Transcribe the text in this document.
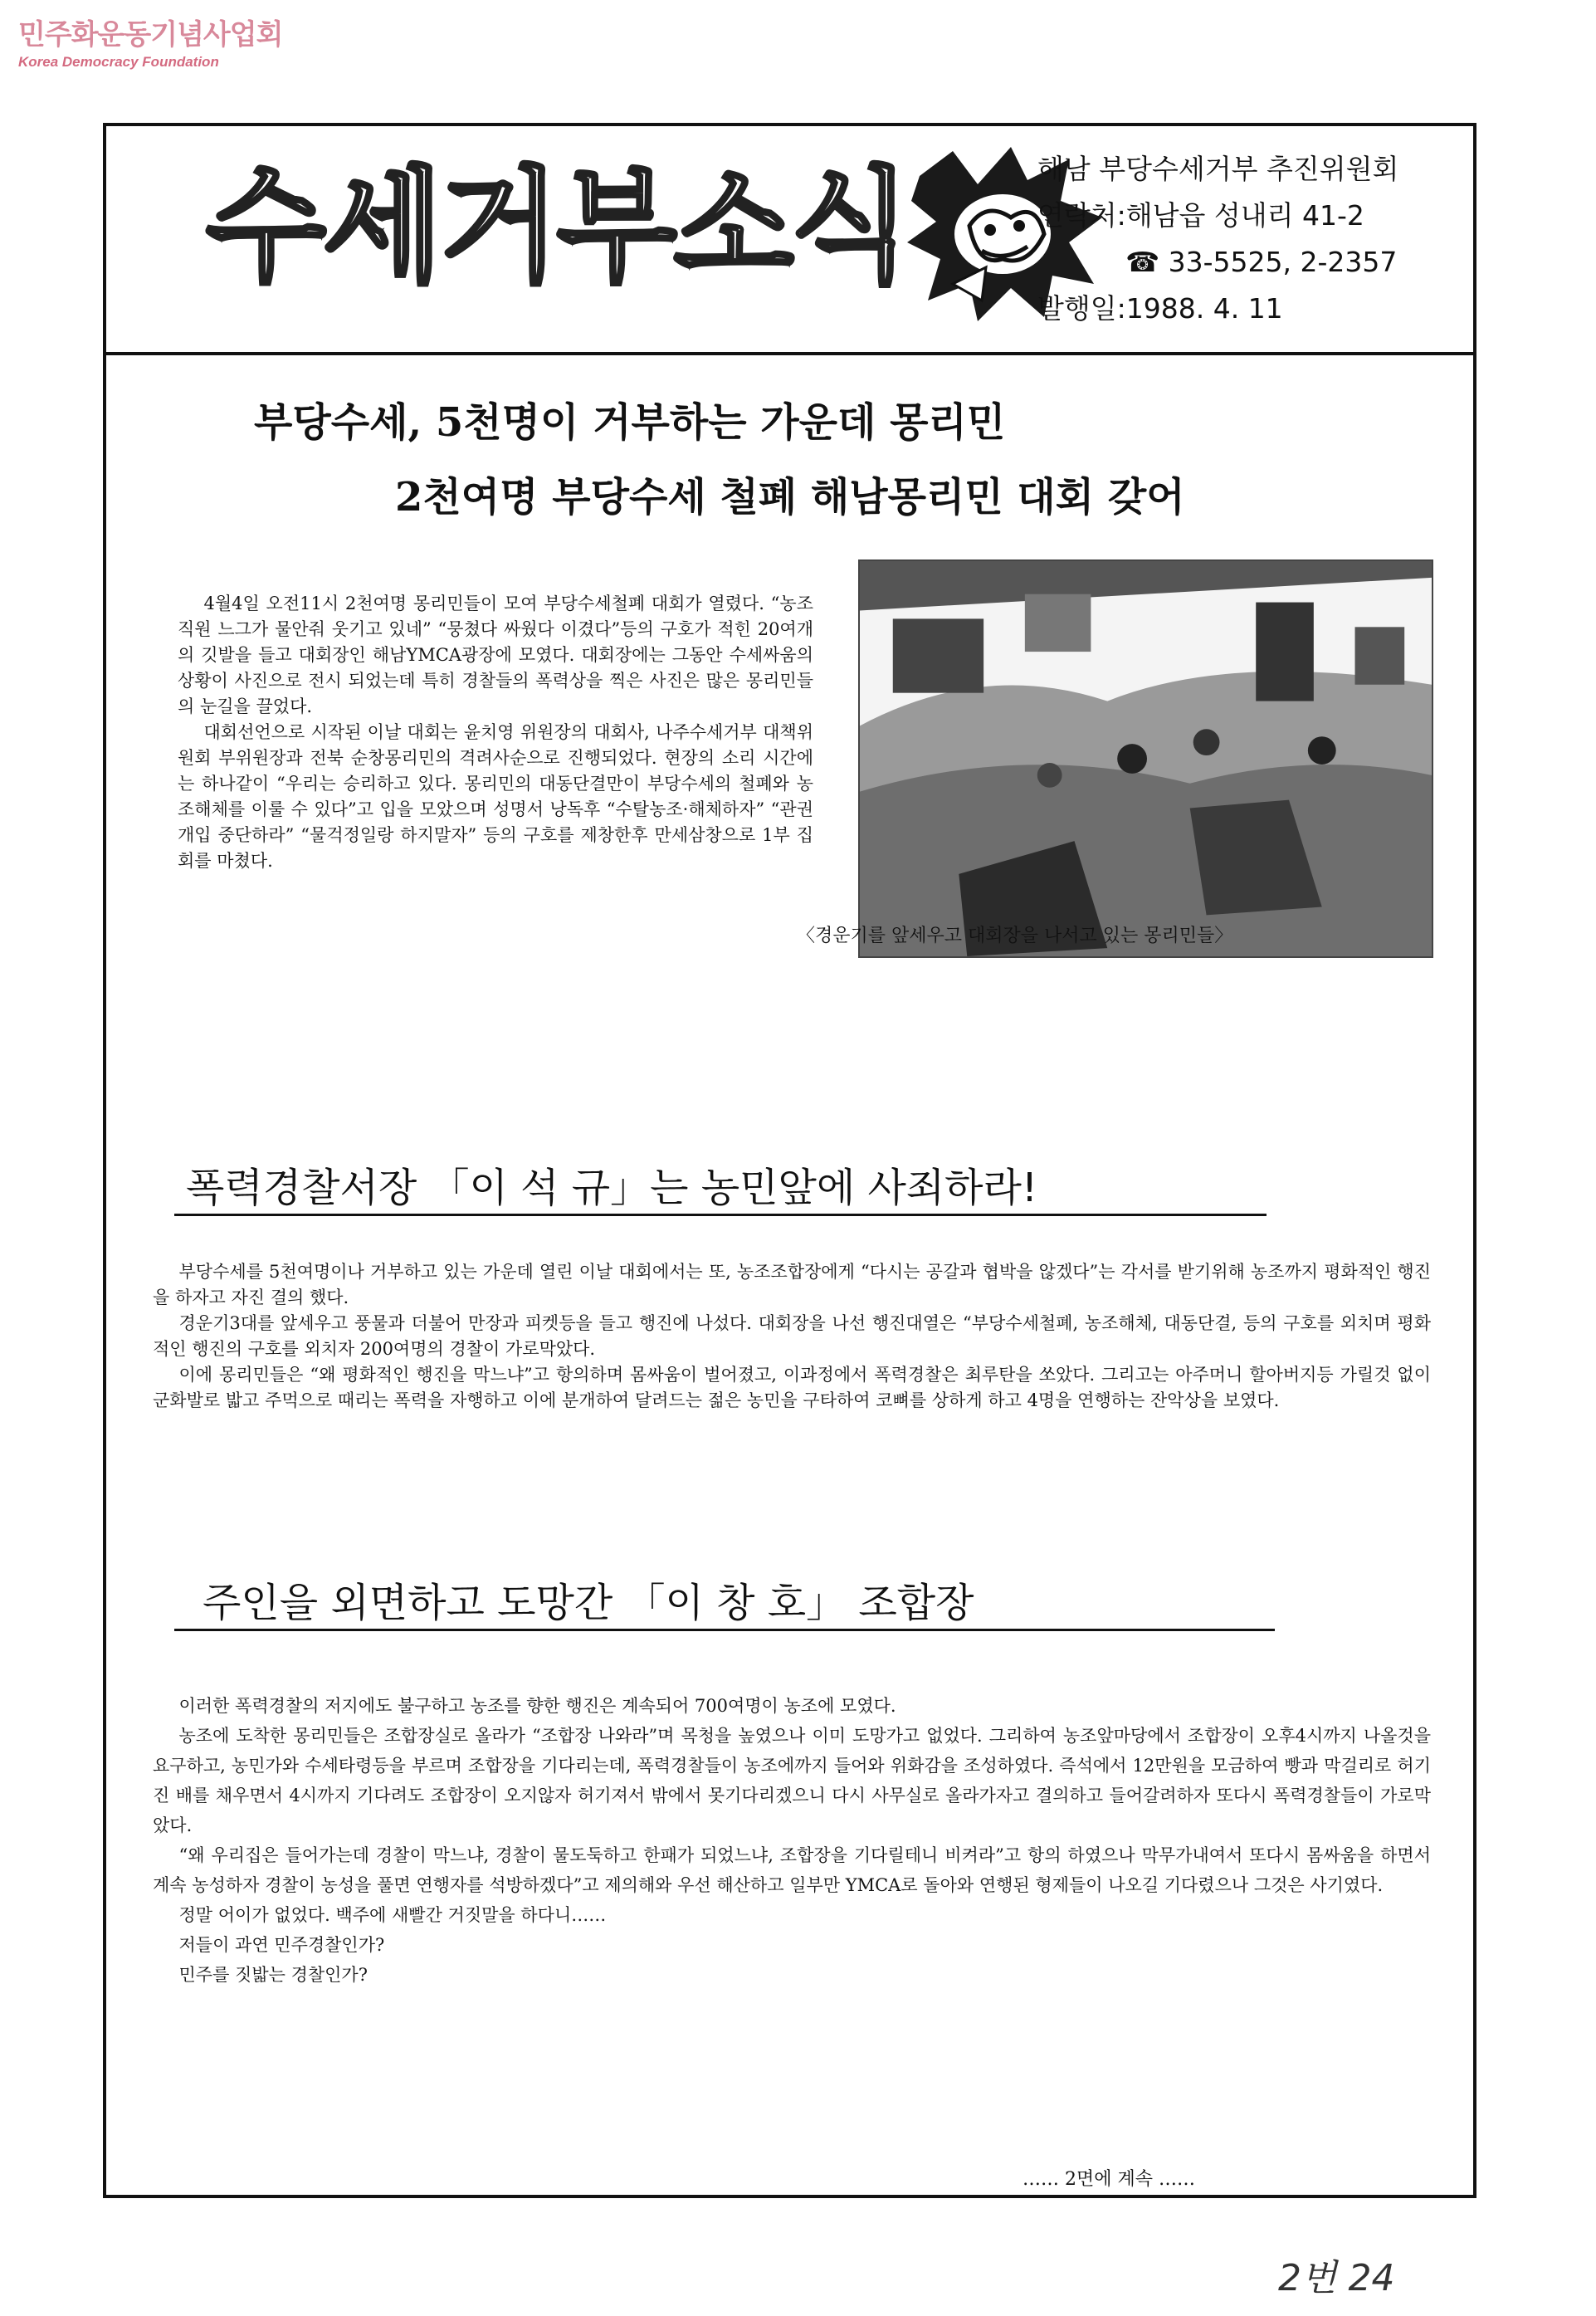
민주화운동기념사업회
Korea Democracy Foundation
수세거부소식	해남 부당수세거부 추진위원회
연락처:해남읍 성내리 41-2
☎ 33-5525, 2-2357
발행일:1988. 4. 11
부당수세, 5천명이 거부하는 가운데 몽리민
2천여명 부당수세 철폐 해남몽리민 대회 갖어

4월4일 오전11시 2천여명 몽리민들이 모여 부당수세철폐 대회가 열렸다. “농조직원 느그가 물안줘 웃기고 있네” “뭉쳤다 싸웠다 이겼다”등의 구호가 적힌 20여개의 깃발을 들고 대회장인 해남YMCA광장에 모였다. 대회장에는 그동안 수세싸움의 상황이 사진으로 전시 되었는데 특히 경찰들의 폭력상을 찍은 사진은 많은 몽리민들의 눈길을 끌었다.

대회선언으로 시작된 이날 대회는 윤치영 위원장의 대회사, 나주수세거부 대책위원회 부위원장과 전북 순창몽리민의 격려사순으로 진행되었다. 현장의 소리 시간에는 하나같이 “우리는 승리하고 있다. 몽리민의 대동단결만이 부당수세의 철폐와 농조해체를 이룰 수 있다”고 입을 모았으며 성명서 낭독후 “수탈농조·해체하자” “관권개입 중단하라” “물걱정일랑 하지말자” 등의 구호를 제창한후 만세삼창으로 1부 집회를 마쳤다.

〈경운기를 앞세우고 대회장을 나서고 있는 몽리민들〉
폭력경찰서장 「이 석 규」는 농민앞에 사죄하라!

부당수세를 5천여명이나 거부하고 있는 가운데 열린 이날 대회에서는 또, 농조조합장에게 “다시는 공갈과 협박을 않겠다”는 각서를 받기위해 농조까지 평화적인 행진을 하자고 자진 결의 했다.

경운기3대를 앞세우고 풍물과 더불어 만장과 피켓등을 들고 행진에 나섰다. 대회장을 나선 행진대열은 “부당수세철폐, 농조해체, 대동단결, 등의 구호를 외치며 평화적인 행진의 구호를 외치자 200여명의 경찰이 가로막았다.

이에 몽리민들은 “왜 평화적인 행진을 막느냐”고 항의하며 몸싸움이 벌어졌고, 이과정에서 폭력경찰은 최루탄을 쏘았다. 그리고는 아주머니 할아버지등 가릴것 없이 군화발로 밟고 주먹으로 때리는 폭력을 자행하고 이에 분개하여 달려드는 젊은 농민을 구타하여 코뼈를 상하게 하고 4명을 연행하는 잔악상을 보였다.

주인을 외면하고 도망간 「이 창 호」 조합장

이러한 폭력경찰의 저지에도 불구하고 농조를 향한 행진은 계속되어 700여명이 농조에 모였다.

농조에 도착한 몽리민들은 조합장실로 올라가 “조합장 나와라”며 목청을 높였으나 이미 도망가고 없었다. 그리하여 농조앞마당에서 조합장이 오후4시까지 나올것을 요구하고, 농민가와 수세타령등을 부르며 조합장을 기다리는데, 폭력경찰들이 농조에까지 들어와 위화감을 조성하였다. 즉석에서 12만원을 모금하여 빵과 막걸리로 허기진 배를 채우면서 4시까지 기다려도 조합장이 오지않자 허기져서 밖에서 못기다리겠으니 다시 사무실로 올라가자고 결의하고 들어갈려하자 또다시 폭력경찰들이 가로막았다.

“왜 우리집은 들어가는데 경찰이 막느냐, 경찰이 물도둑하고 한패가 되었느냐, 조합장을 기다릴테니 비켜라”고 항의 하였으나 막무가내여서 또다시 몸싸움을 하면서 계속 농성하자 경찰이 농성을 풀면 연행자를 석방하겠다”고 제의해와 우선 해산하고 일부만 YMCA로 돌아와 연행된 형제들이 나오길 기다렸으나 그것은 사기였다.

정말 어이가 없었다. 백주에 새빨간 거짓말을 하다니……

저들이 과연 민주경찰인가?

민주를 짓밟는 경찰인가?

…… 2면에 계속 ……
2번 24
